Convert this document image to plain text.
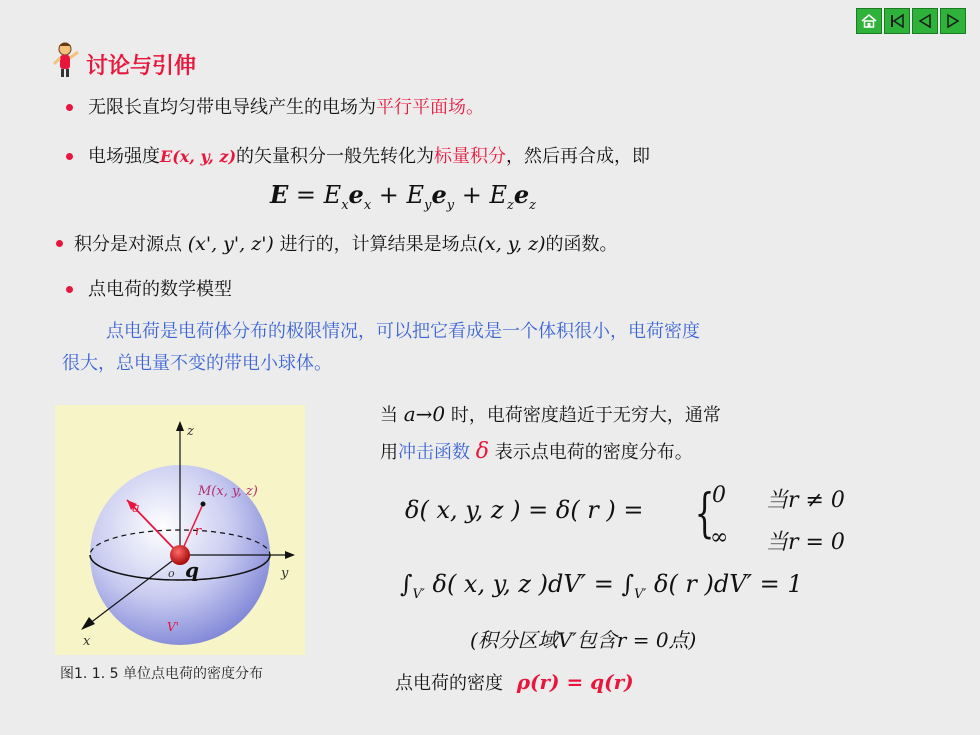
讨论与引伸
无限长直均匀带电导线产生的电场为平行平面场。
电场强度E(x, y, z)的矢量积分一般先转化为标量积分，然后再合成，即
$E = E_xe_x + E_ye_y + E_ze_z$
积分是对源点 (x', y', z') 进行的，计算结果是场点(x, y, z)的函数。
点电荷的数学模型
点电荷是电荷体分布的极限情况，可以把它看成是一个体积很小，电荷密度
很大，总电量不变的带电小球体。
z
y
x
M(x, y, z)
a
r
o q
V'
图1. 1. 5 单位点电荷的密度分布
当 a→0 时，电荷密度趋近于无穷大，通常
用冲击函数 δ 表示点电荷的密度分布。
δ( x, y, z ) = δ( r ) = {
0 当r ≠ 0
∞ 当r = 0
$\int_{V'}$ δ( x, y, z )$dV' = \int_{V'}$ δ( r )dV′ = 1
(积分区域V′包含r = 0点)
点电荷的密度 ρ(r) = q(r)
